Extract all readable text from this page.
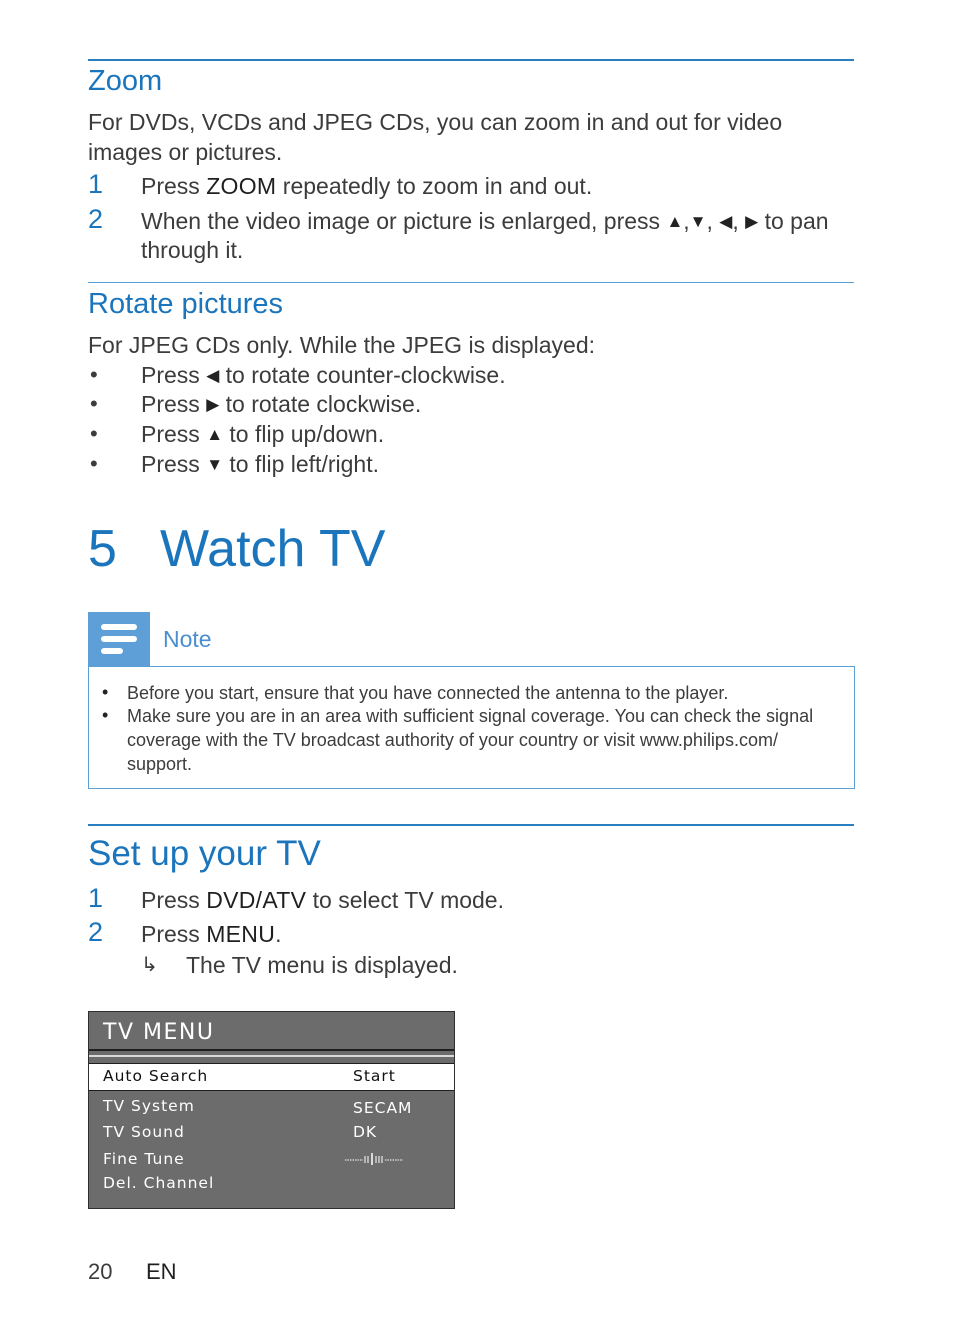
Zoom
For DVDs, VCDs and JPEG CDs, you can zoom in and out for video
images or pictures.
1 Press ZOOM repeatedly to zoom in and out.
2 When the video image or picture is enlarged, press ▲,▼, ◀, ▶ to pan
through it.
Rotate pictures
For JPEG CDs only. While the JPEG is displayed:
• Press ◀ to rotate counter-clockwise.
• Press ▶ to rotate clockwise.
• Press ▲ to flip up/down.
• Press ▼ to flip left/right.
5 Watch TV
Note
• Before you start, ensure that you have connected the antenna to the player.
• Make sure you are in an area with sufficient signal coverage. You can check the signal
coverage with the TV broadcast authority of your country or visit www.philips.com/
support.
Set up your TV
1 Press DVD/ATV to select TV mode.
2 Press MENU.
↳ The TV menu is displayed.
TV MENU
Auto Search	Start
TV System	SECAM
TV Sound	DK
Fine Tune
Del. Channel
20 EN
